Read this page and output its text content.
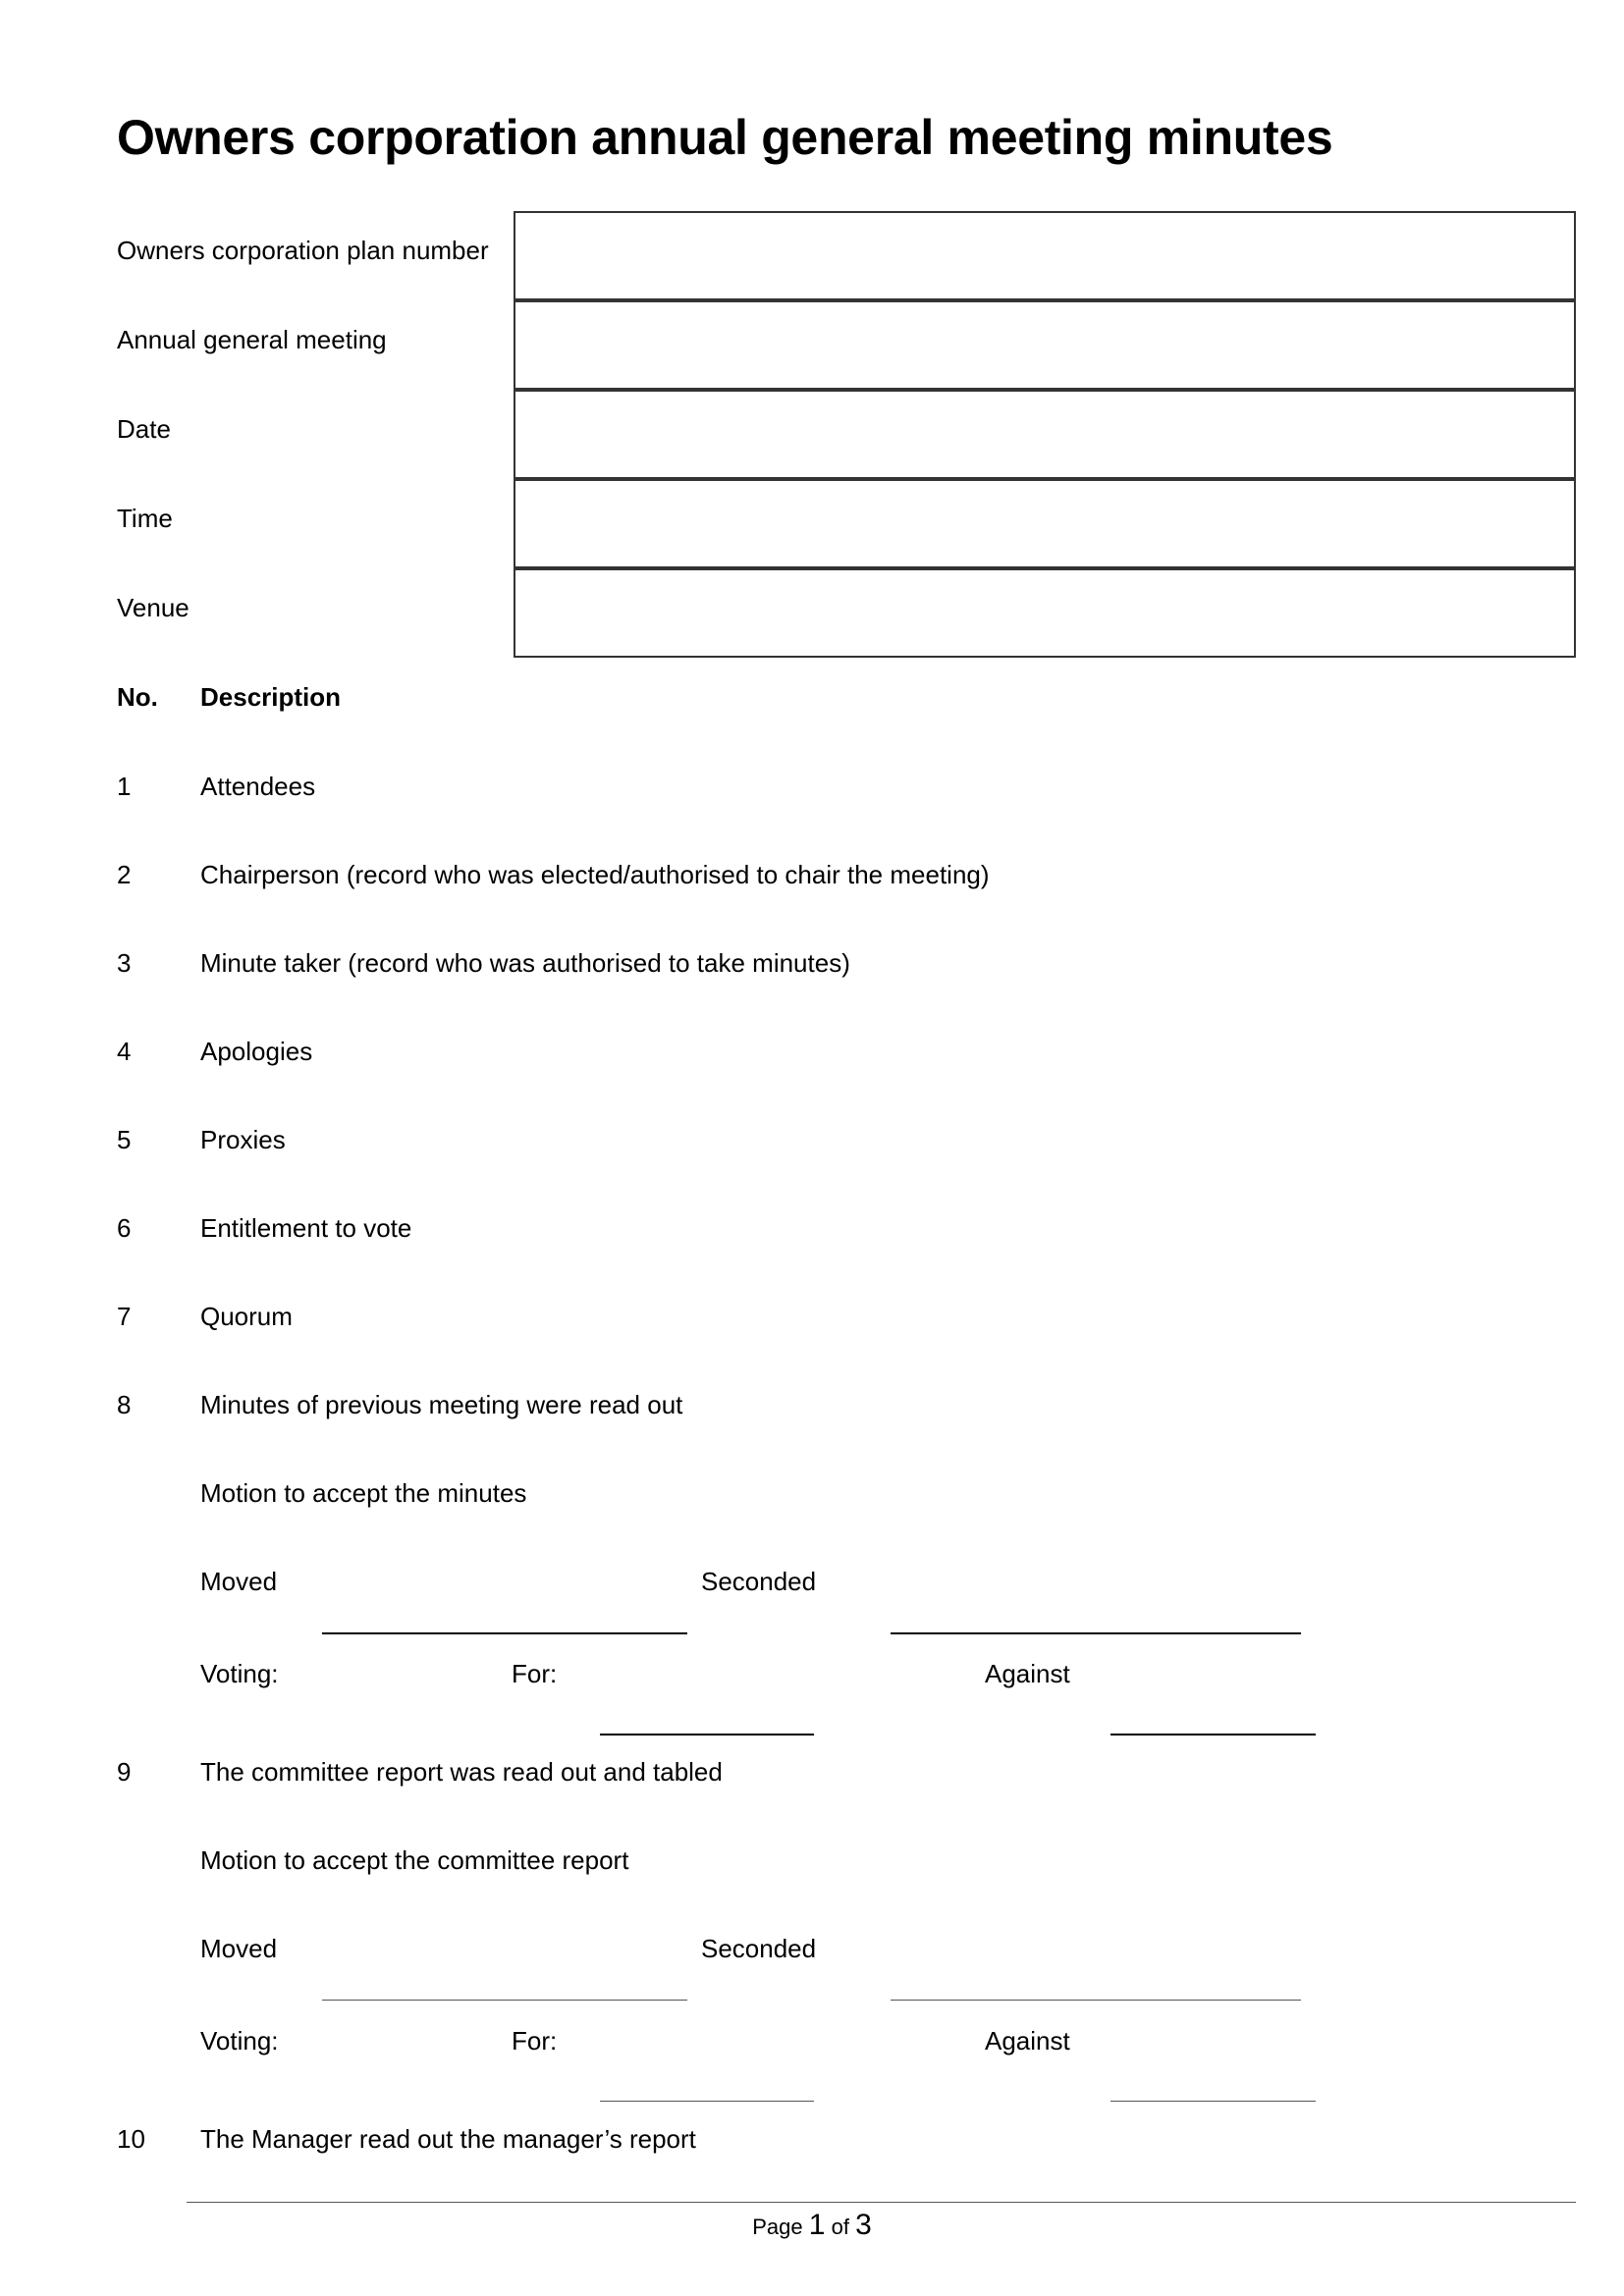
Owners corporation annual general meeting minutes
Owners corporation plan number
Annual general meeting
Date
Time
Venue
No. Description
1	Attendees
2	Chairperson (record who was elected/authorised to chair the meeting)
3	Minute taker (record who was authorised to take minutes)
4	Apologies
5	Proxies
6	Entitlement to vote
7	Quorum
8	Minutes of previous meeting were read out
Motion to accept the minutes
Moved	Seconded
Voting:	For:	Against
9	The committee report was read out and tabled
Motion to accept the committee report
Moved	Seconded
Voting:	For:	Against
10 The Manager read out the manager’s report
Page 1 of 3
